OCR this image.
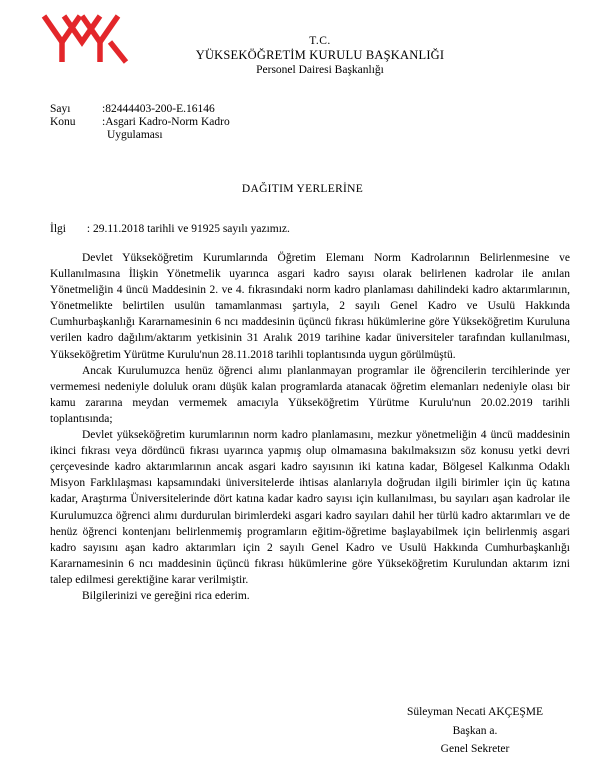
T.C.
YÜKSEKÖĞRETİM KURULU BAŞKANLIĞI
Personel Dairesi Başkanlığı
Sayı	:82444403-200-E.16146
Konu	:Asgari Kadro-Norm Kadro
Uygulaması
DAĞITIM YERLERİNE
İlgi : 29.11.2018 tarihli ve 91925 sayılı yazımız.

Devlet Yükseköğretim Kurumlarında Öğretim Elemanı Norm Kadrolarının Belirlenmesine ve Kullanılmasına İlişkin Yönetmelik uyarınca asgari kadro sayısı olarak belirlenen kadrolar ile anılan Yönetmeliğin 4 üncü Maddesinin 2. ve 4. fıkrasındaki norm kadro planlaması dahilindeki kadro aktarımlarının, Yönetmelikte belirtilen usulün tamamlanması şartıyla, 2 sayılı Genel Kadro ve Usulü Hakkında Cumhurbaşkanlığı Kararnamesinin 6 ncı maddesinin üçüncü fıkrası hükümlerine göre Yükseköğretim Kuruluna verilen kadro dağılım/aktarım yetkisinin 31 Aralık 2019 tarihine kadar üniversiteler tarafından kullanılması, Yükseköğretim Yürütme Kurulu'nun 28.11.2018 tarihli toplantısında uygun görülmüştü.

Ancak Kurulumuzca henüz öğrenci alımı planlanmayan programlar ile öğrencilerin tercihlerinde yer vermemesi nedeniyle doluluk oranı düşük kalan programlarda atanacak öğretim elemanları nedeniyle olası bir kamu zararına meydan vermemek amacıyla Yükseköğretim Yürütme Kurulu'nun 20.02.2019 tarihli toplantısında;

Devlet yükseköğretim kurumlarının norm kadro planlamasını, mezkur yönetmeliğin 4 üncü maddesinin ikinci fıkrası veya dördüncü fıkrası uyarınca yapmış olup olmamasına bakılmaksızın söz konusu yetki devri çerçevesinde kadro aktarımlarının ancak asgari kadro sayısının iki katına kadar, Bölgesel Kalkınma Odaklı Misyon Farklılaşması kapsamındaki üniversitelerde ihtisas alanlarıyla doğrudan ilgili birimler için üç katına kadar, Araştırma Üniversitelerinde dört katına kadar kadro sayısı için kullanılması, bu sayıları aşan kadrolar ile Kurulumuzca öğrenci alımı durdurulan birimlerdeki asgari kadro sayıları dahil her türlü kadro aktarımları ve de henüz öğrenci kontenjanı belirlenmemiş programların eğitim-öğretime başlayabilmek için belirlenmiş asgari kadro sayısını aşan kadro aktarımları için 2 sayılı Genel Kadro ve Usulü Hakkında Cumhurbaşkanlığı Kararnamesinin 6 ncı maddesinin üçüncü fıkrası hükümlerine göre Yükseköğretim Kurulundan aktarım izni talep edilmesi gerektiğine karar verilmiştir.

Bilgilerinizi ve gereğini rica ederim.

Süleyman Necati AKÇEŞME
Başkan a.
Genel Sekreter
